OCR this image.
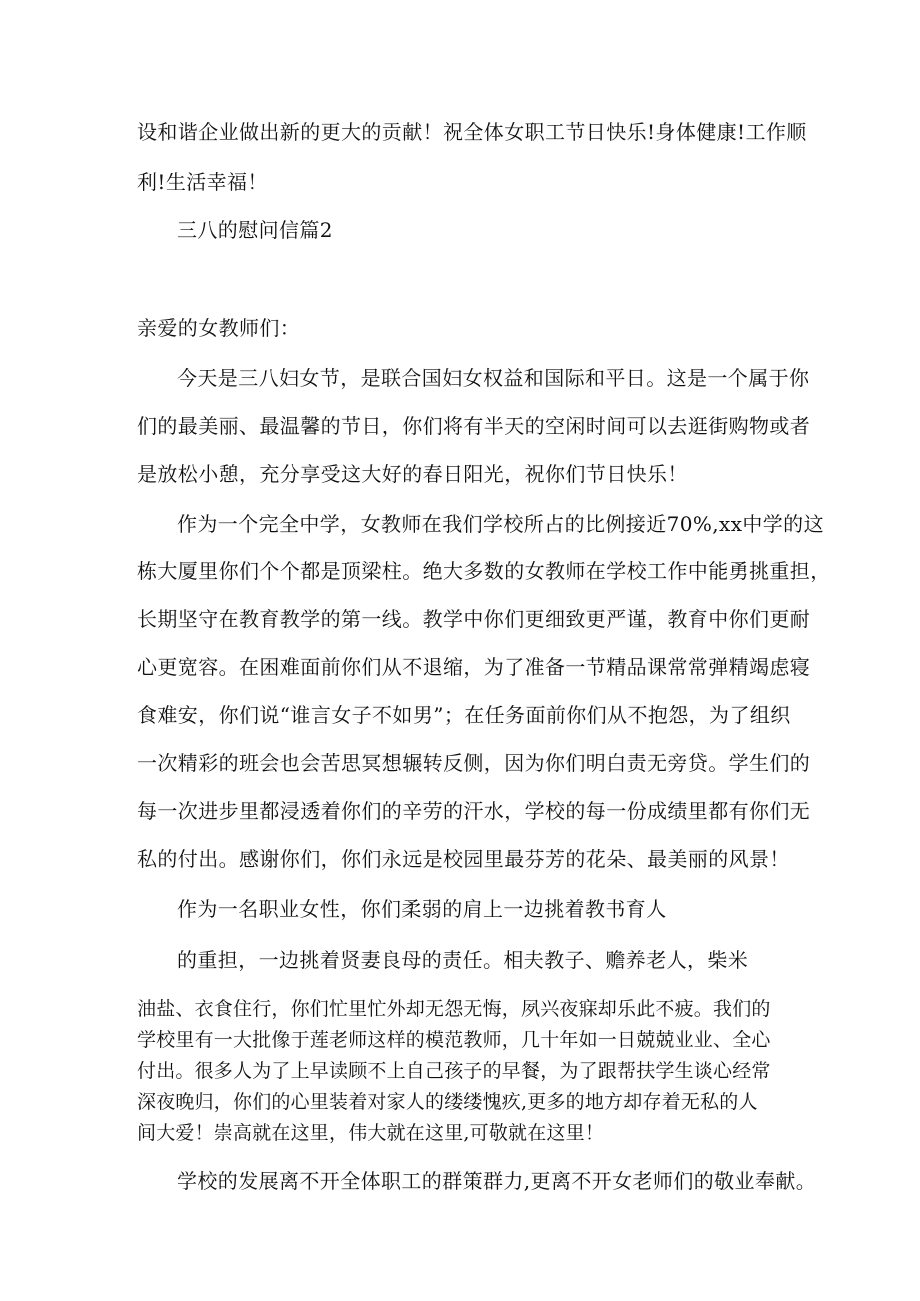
设和谐企业做出新的更大的贡献！祝全体女职工节日快乐!身体健康!工作顺
利!生活幸福！
三八的慰问信篇2
亲爱的女教师们：
今天是三八妇女节，是联合国妇女权益和国际和平日。这是一个属于你
们的最美丽、最温馨的节日，你们将有半天的空闲时间可以去逛街购物或者
是放松小憩，充分享受这大好的春日阳光，祝你们节日快乐！
作为一个完全中学，女教师在我们学校所占的比例接近70%,xx中学的这
栋大厦里你们个个都是顶梁柱。绝大多数的女教师在学校工作中能勇挑重担，
长期坚守在教育教学的第一线。教学中你们更细致更严谨，教育中你们更耐
心更宽容。在困难面前你们从不退缩，为了准备一节精品课常常弹精竭虑寝
食难安，你们说“谁言女子不如男”；在任务面前你们从不抱怨，为了组织
一次精彩的班会也会苦思冥想辗转反侧，因为你们明白责无旁贷。学生们的
每一次进步里都浸透着你们的辛劳的汗水，学校的每一份成绩里都有你们无
私的付出。感谢你们，你们永远是校园里最芬芳的花朵、最美丽的风景！
作为一名职业女性，你们柔弱的肩上一边挑着教书育人
的重担，一边挑着贤妻良母的责任。相夫教子、赡养老人，柴米
油盐、衣食住行，你们忙里忙外却无怨无悔，夙兴夜寐却乐此不疲。我们的
学校里有一大批像于莲老师这样的模范教师，几十年如一日兢兢业业、全心
付出。很多人为了上早读顾不上自己孩子的早餐，为了跟帮扶学生谈心经常
深夜晚归，你们的心里装着对家人的缕缕愧疚,更多的地方却存着无私的人
间大爱！崇高就在这里，伟大就在这里,可敬就在这里！
学校的发展离不开全体职工的群策群力,更离不开女老师们的敬业奉献。
